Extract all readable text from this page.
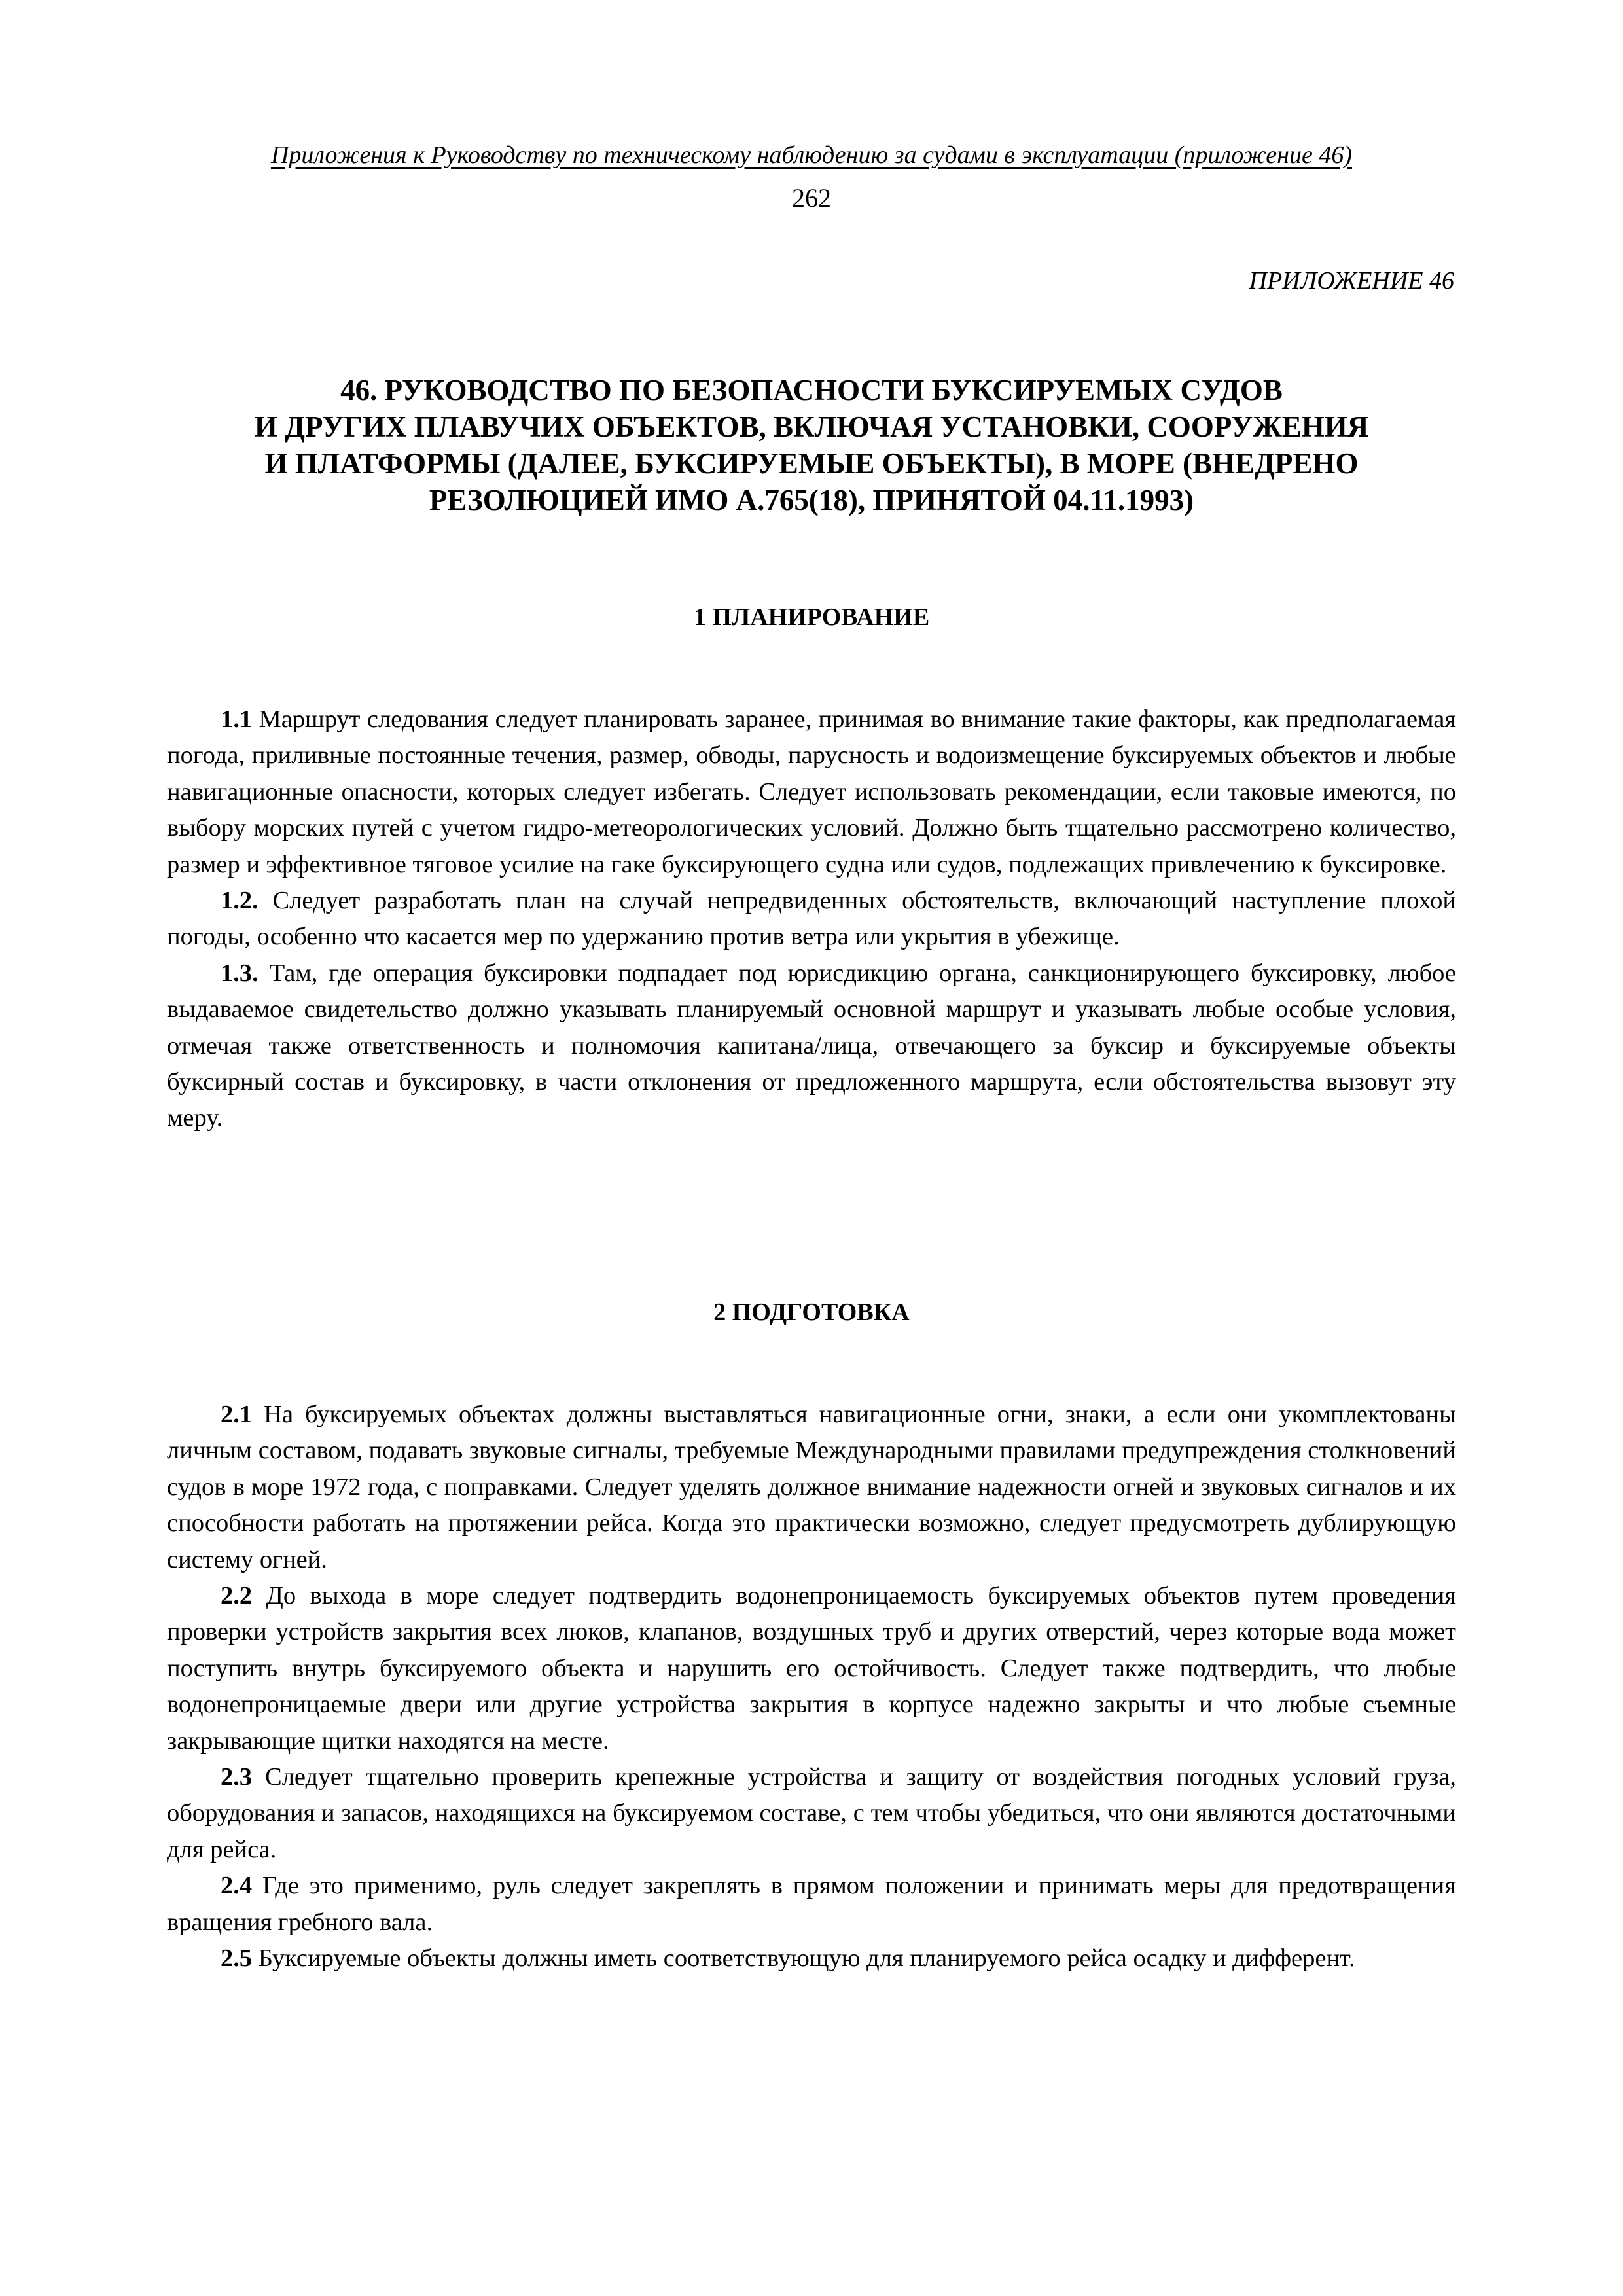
Приложения к Руководству по техническому наблюдению за судами в эксплуатации (приложение 46)
262
ПРИЛОЖЕНИЕ 46
46. РУКОВОДСТВО ПО БЕЗОПАСНОСТИ БУКСИРУЕМЫХ СУДОВ
И ДРУГИХ ПЛАВУЧИХ ОБЪЕКТОВ, ВКЛЮЧАЯ УСТАНОВКИ, СООРУЖЕНИЯ
И ПЛАТФОРМЫ (ДАЛЕЕ, БУКСИРУЕМЫЕ ОБЪЕКТЫ), В МОРЕ (ВНЕДРЕНО
РЕЗОЛЮЦИЕЙ ИМО А.765(18), ПРИНЯТОЙ 04.11.1993)
1 ПЛАНИРОВАНИЕ

1.1 Маршрут следования следует планировать заранее, принимая во внимание такие факторы, как предполагаемая погода, приливные постоянные течения, размер, обводы, парусность и водоизмещение буксируемых объектов и любые навигационные опасности, которых следует избегать. Следует использовать рекомендации, если таковые имеются, по выбору морских путей с учетом гидро-метеорологических условий. Должно быть тщательно рассмотрено количество, размер и эффективное тяговое усилие на гаке буксирующего судна или судов, подлежащих привлечению к буксировке.

1.2. Следует разработать план на случай непредвиденных обстоятельств, включающий наступление плохой погоды, особенно что касается мер по удержанию против ветра или укрытия в убежище.

1.3. Там, где операция буксировки подпадает под юрисдикцию органа, санкционирующего буксировку, любое выдаваемое свидетельство должно указывать планируемый основной маршрут и указывать любые особые условия, отмечая также ответственность и полномочия капитана/лица, отвечающего за буксир и буксируемые объекты буксирный состав и буксировку, в части отклонения от предложенного маршрута, если обстоятельства вызовут эту меру.

2 ПОДГОТОВКА

2.1 На буксируемых объектах должны выставляться навигационные огни, знаки, а если они укомплектованы личным составом, подавать звуковые сигналы, требуемые Международными правилами предупреждения столкновений судов в море 1972 года, с поправками. Следует уделять должное внимание надежности огней и звуковых сигналов и их способности работать на протяжении рейса. Когда это практически возможно, следует предусмотреть дублирующую систему огней.

2.2 До выхода в море следует подтвердить водонепроницаемость буксируемых объектов путем проведения проверки устройств закрытия всех люков, клапанов, воздушных труб и других отверстий, через которые вода может поступить внутрь буксируемого объекта и нарушить его остойчивость. Следует также подтвердить, что любые водонепроницаемые двери или другие устройства закрытия в корпусе надежно закрыты и что любые съемные закрывающие щитки находятся на месте.

2.3 Следует тщательно проверить крепежные устройства и защиту от воздействия погодных условий груза, оборудования и запасов, находящихся на буксируемом составе, с тем чтобы убедиться, что они являются достаточными для рейса.

2.4 Где это применимо, руль следует закреплять в прямом положении и принимать меры для предотвращения вращения гребного вала.

2.5 Буксируемые объекты должны иметь соответствующую для планируемого рейса осадку и дифферент.
